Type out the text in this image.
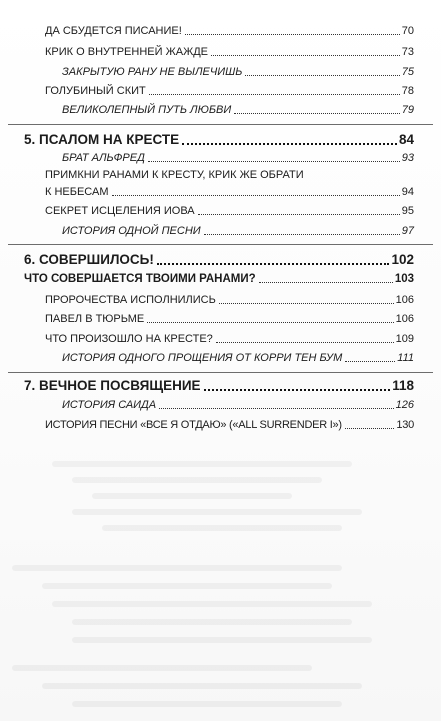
ДА СБУДЕТСЯ ПИСАНИЕ!	70
КРИК О ВНУТРЕННЕЙ ЖАЖДЕ	73
ЗАКРЫТУЮ РАНУ НЕ ВЫЛЕЧИШЬ	75
ГОЛУБИНЫЙ СКИТ	78
ВЕЛИКОЛЕПНЫЙ ПУТЬ ЛЮБВИ	79
5. ПСАЛОМ НА КРЕСТЕ	84
БРАТ АЛЬФРЕД	93
ПРИМКНИ РАНАМИ К КРЕСТУ, КРИК ЖЕ ОБРАТИ
К НЕБЕСАМ	94
СЕКРЕТ ИСЦЕЛЕНИЯ ИОВА	95
ИСТОРИЯ ОДНОЙ ПЕСНИ	97
6. СОВЕРШИЛОСЬ!	102
ЧТО СОВЕРШАЕТСЯ ТВОИМИ РАНАМИ?	103
ПРОРОЧЕСТВА ИСПОЛНИЛИСЬ	106
ПАВЕЛ В ТЮРЬМЕ	106
ЧТО ПРОИЗОШЛО НА КРЕСТЕ?	109
ИСТОРИЯ ОДНОГО ПРОЩЕНИЯ ОТ КОРРИ ТЕН БУМ	111
7. ВЕЧНОЕ ПОСВЯЩЕНИЕ	118
ИСТОРИЯ САИДА	126
ИСТОРИЯ ПЕСНИ «ВСЕ Я ОТДАЮ» («ALL SURRENDER I»)	130
